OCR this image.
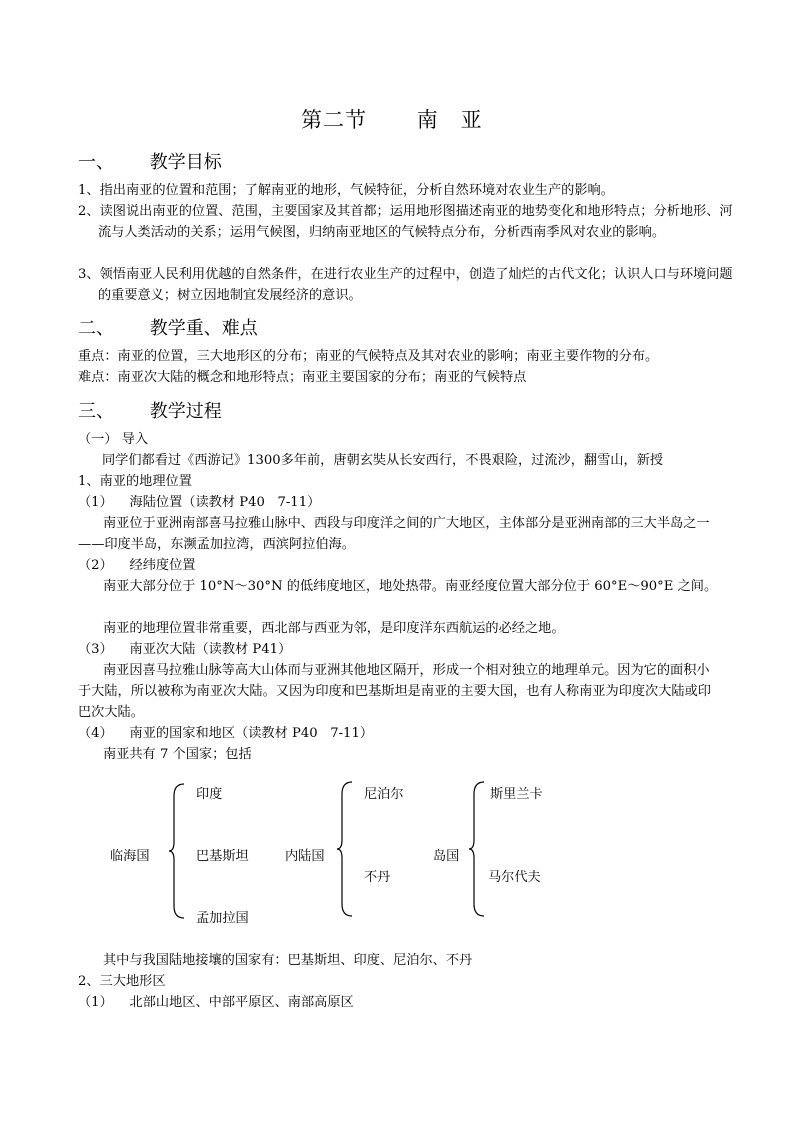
第二节 南　亚
一、 教学目标
1、指出南亚的位置和范围；了解南亚的地形，气候特征，分析自然环境对农业生产的影响。
2、读图说出南亚的位置、范围，主要国家及其首都；运用地形图描述南亚的地势变化和地形特点；分析地形、河流与人类活动的关系；运用气候图，归纳南亚地区的气候特点分布，分析西南季风对农业的影响。
3、领悟南亚人民利用优越的自然条件，在进行农业生产的过程中，创造了灿烂的古代文化；认识人口与环境问题的重要意义；树立因地制宜发展经济的意识。
二、 教学重、难点
重点：南亚的位置，三大地形区的分布；南亚的气候特点及其对农业的影响；南亚主要作物的分布。
难点：南亚次大陆的概念和地形特点；南亚主要国家的分布；南亚的气候特点
三、 教学过程
（一） 导入
同学们都看过《西游记》1300多年前，唐朝玄奘从长安西行，不畏艰险，过流沙，翻雪山，新授
1、南亚的地理位置
（1）    海陆位置（读教材 P40   7-11）
南亚位于亚洲南部喜马拉雅山脉中、西段与印度洋之间的广大地区，主体部分是亚洲南部的三大半岛之一 ——印度半岛，东濒孟加拉湾，西滨阿拉伯海。
（2）    经纬度位置
南亚大部分位于 10°N～30°N 的低纬度地区，地处热带。南亚经度位置大部分位于 60°E～90°E 之间。
南亚的地理位置非常重要，西北部与西亚为邻，是印度洋东西航运的必经之地。
（3）    南亚次大陆（读教材 P41）
南亚因喜马拉雅山脉等高大山体而与亚洲其他地区隔开，形成一个相对独立的地理单元。因为它的面积小于大陆，所以被称为南亚次大陆。又因为印度和巴基斯坦是南亚的主要大国，也有人称南亚为印度次大陆或印巴次大陆。
（4）    南亚的国家和地区（读教材 P40   7-11）
南亚共有 7 个国家；包括
临海国
印度
巴基斯坦
孟加拉国
内陆国
尼泊尔
不丹
岛国
斯里兰卡
马尔代夫
其中与我国陆地接壤的国家有：巴基斯坦、印度、尼泊尔、不丹
2、三大地形区
（1）    北部山地区、中部平原区、南部高原区
